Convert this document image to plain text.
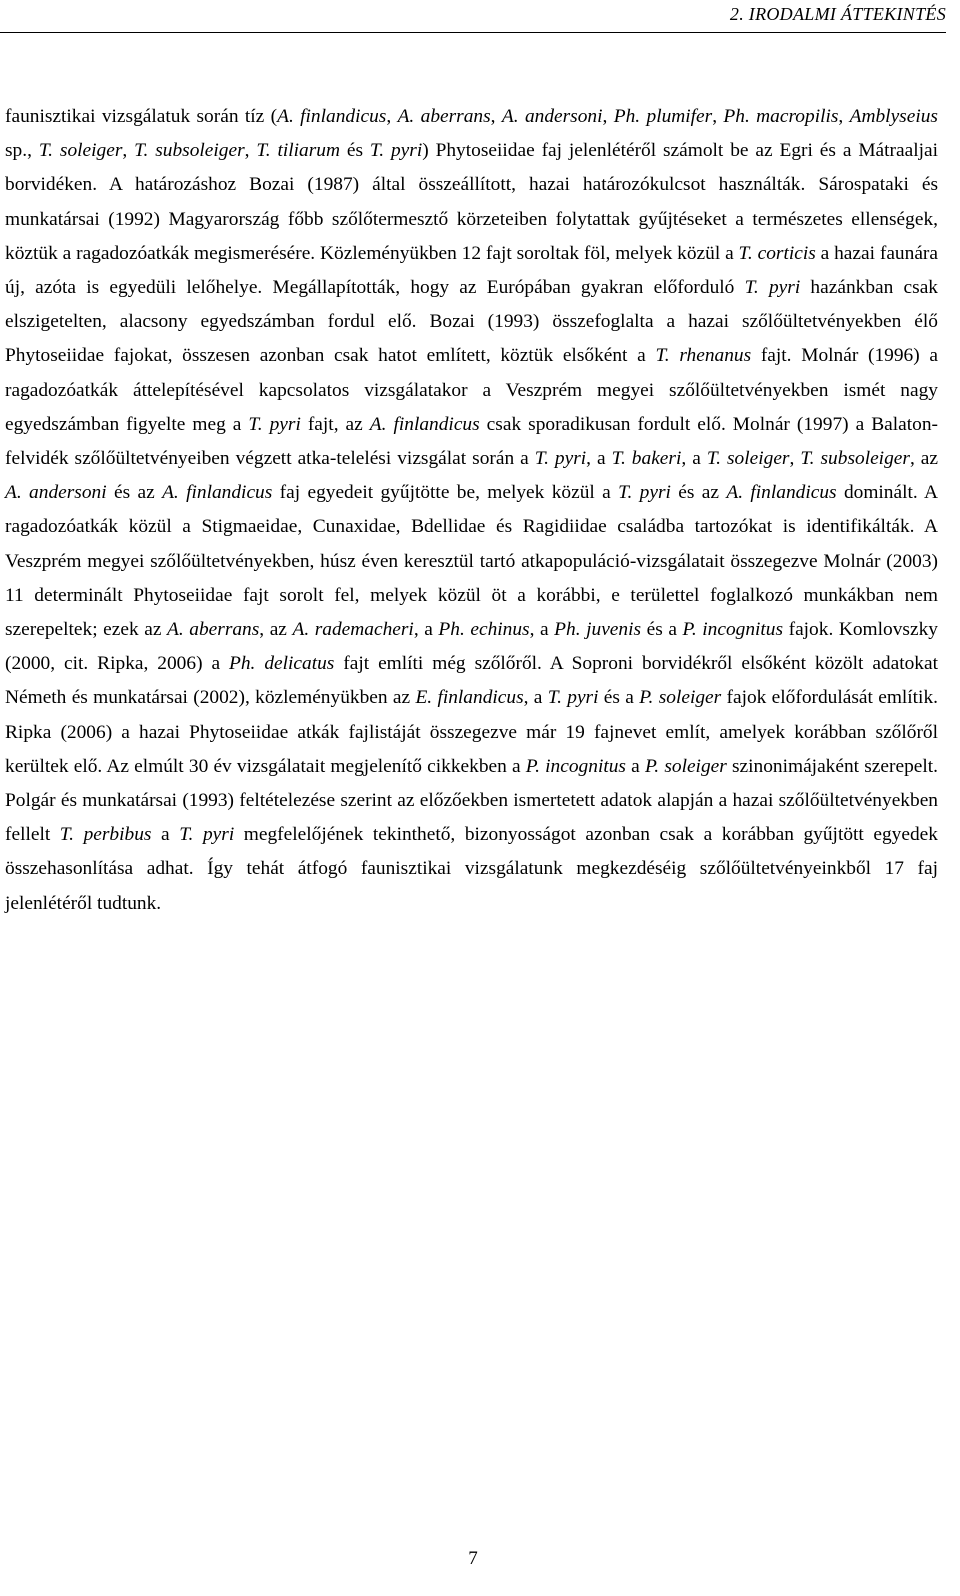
2. IRODALMI ÁTTEKINTÉS

faunisztikai vizsgálatuk során tíz (A. finlandicus, A. aberrans, A. andersoni, Ph. plumifer, Ph. macropilis, Amblyseius sp., T. soleiger, T. subsoleiger, T. tiliarum és T. pyri) Phytoseiidae faj jelenlétéről számolt be az Egri és a Mátraaljai borvidéken. A határozáshoz Bozai (1987) által összeállított, hazai határozókulcsot használták. Sárospataki és munkatársai (1992) Magyarország főbb szőlőtermesztő körzeteiben folytattak gyűjtéseket a természetes ellenségek, köztük a ragadozóatkák megismerésére. Közleményükben 12 fajt soroltak föl, melyek közül a T. corticis a hazai faunára új, azóta is egyedüli lelőhelye. Megállapították, hogy az Európában gyakran előforduló T. pyri hazánkban csak elszigetelten, alacsony egyedszámban fordul elő. Bozai (1993) összefoglalta a hazai szőlőültetvényekben élő Phytoseiidae fajokat, összesen azonban csak hatot említett, köztük elsőként a T. rhenanus fajt. Molnár (1996) a ragadozóatkák áttelepítésével kapcsolatos vizsgálatakor a Veszprém megyei szőlőültetvényekben ismét nagy egyedszámban figyelte meg a T. pyri fajt, az A. finlandicus csak sporadikusan fordult elő. Molnár (1997) a Balaton-felvidék szőlőültetvényeiben végzett atka-telelési vizsgálat során a T. pyri, a T. bakeri, a T. soleiger, T. subsoleiger, az A. andersoni és az A. finlandicus faj egyedeit gyűjtötte be, melyek közül a T. pyri és az A. finlandicus dominált. A ragadozóatkák közül a Stigmaeidae, Cunaxidae, Bdellidae és Ragidiidae családba tartozókat is identifikálták. A Veszprém megyei szőlőültetvényekben, húsz éven keresztül tartó atkapopuláció-vizsgálatait összegezve Molnár (2003) 11 determinált Phytoseiidae fajt sorolt fel, melyek közül öt a korábbi, e területtel foglalkozó munkákban nem szerepeltek; ezek az A. aberrans, az A. rademacheri, a Ph. echinus, a Ph. juvenis és a P. incognitus fajok. Komlovszky (2000, cit. Ripka, 2006) a Ph. delicatus fajt említi még szőlőről. A Soproni borvidékről elsőként közölt adatokat Németh és munkatársai (2002), közleményükben az E. finlandicus, a T. pyri és a P. soleiger fajok előfordulását említik. Ripka (2006) a hazai Phytoseiidae atkák fajlistáját összegezve már 19 fajnevet említ, amelyek korábban szőlőről kerültek elő. Az elmúlt 30 év vizsgálatait megjelenítő cikkekben a P. incognitus a P. soleiger szinonimájaként szerepelt. Polgár és munkatársai (1993) feltételezése szerint az előzőekben ismertetett adatok alapján a hazai szőlőültetvényekben fellelt T. perbibus a T. pyri megfelelőjének tekinthető, bizonyosságot azonban csak a korábban gyűjtött egyedek összehasonlítása adhat. Így tehát átfogó faunisztikai vizsgálatunk megkezdéséig szőlőültetvényeinkből 17 faj jelenlétéről tudtunk.

7
